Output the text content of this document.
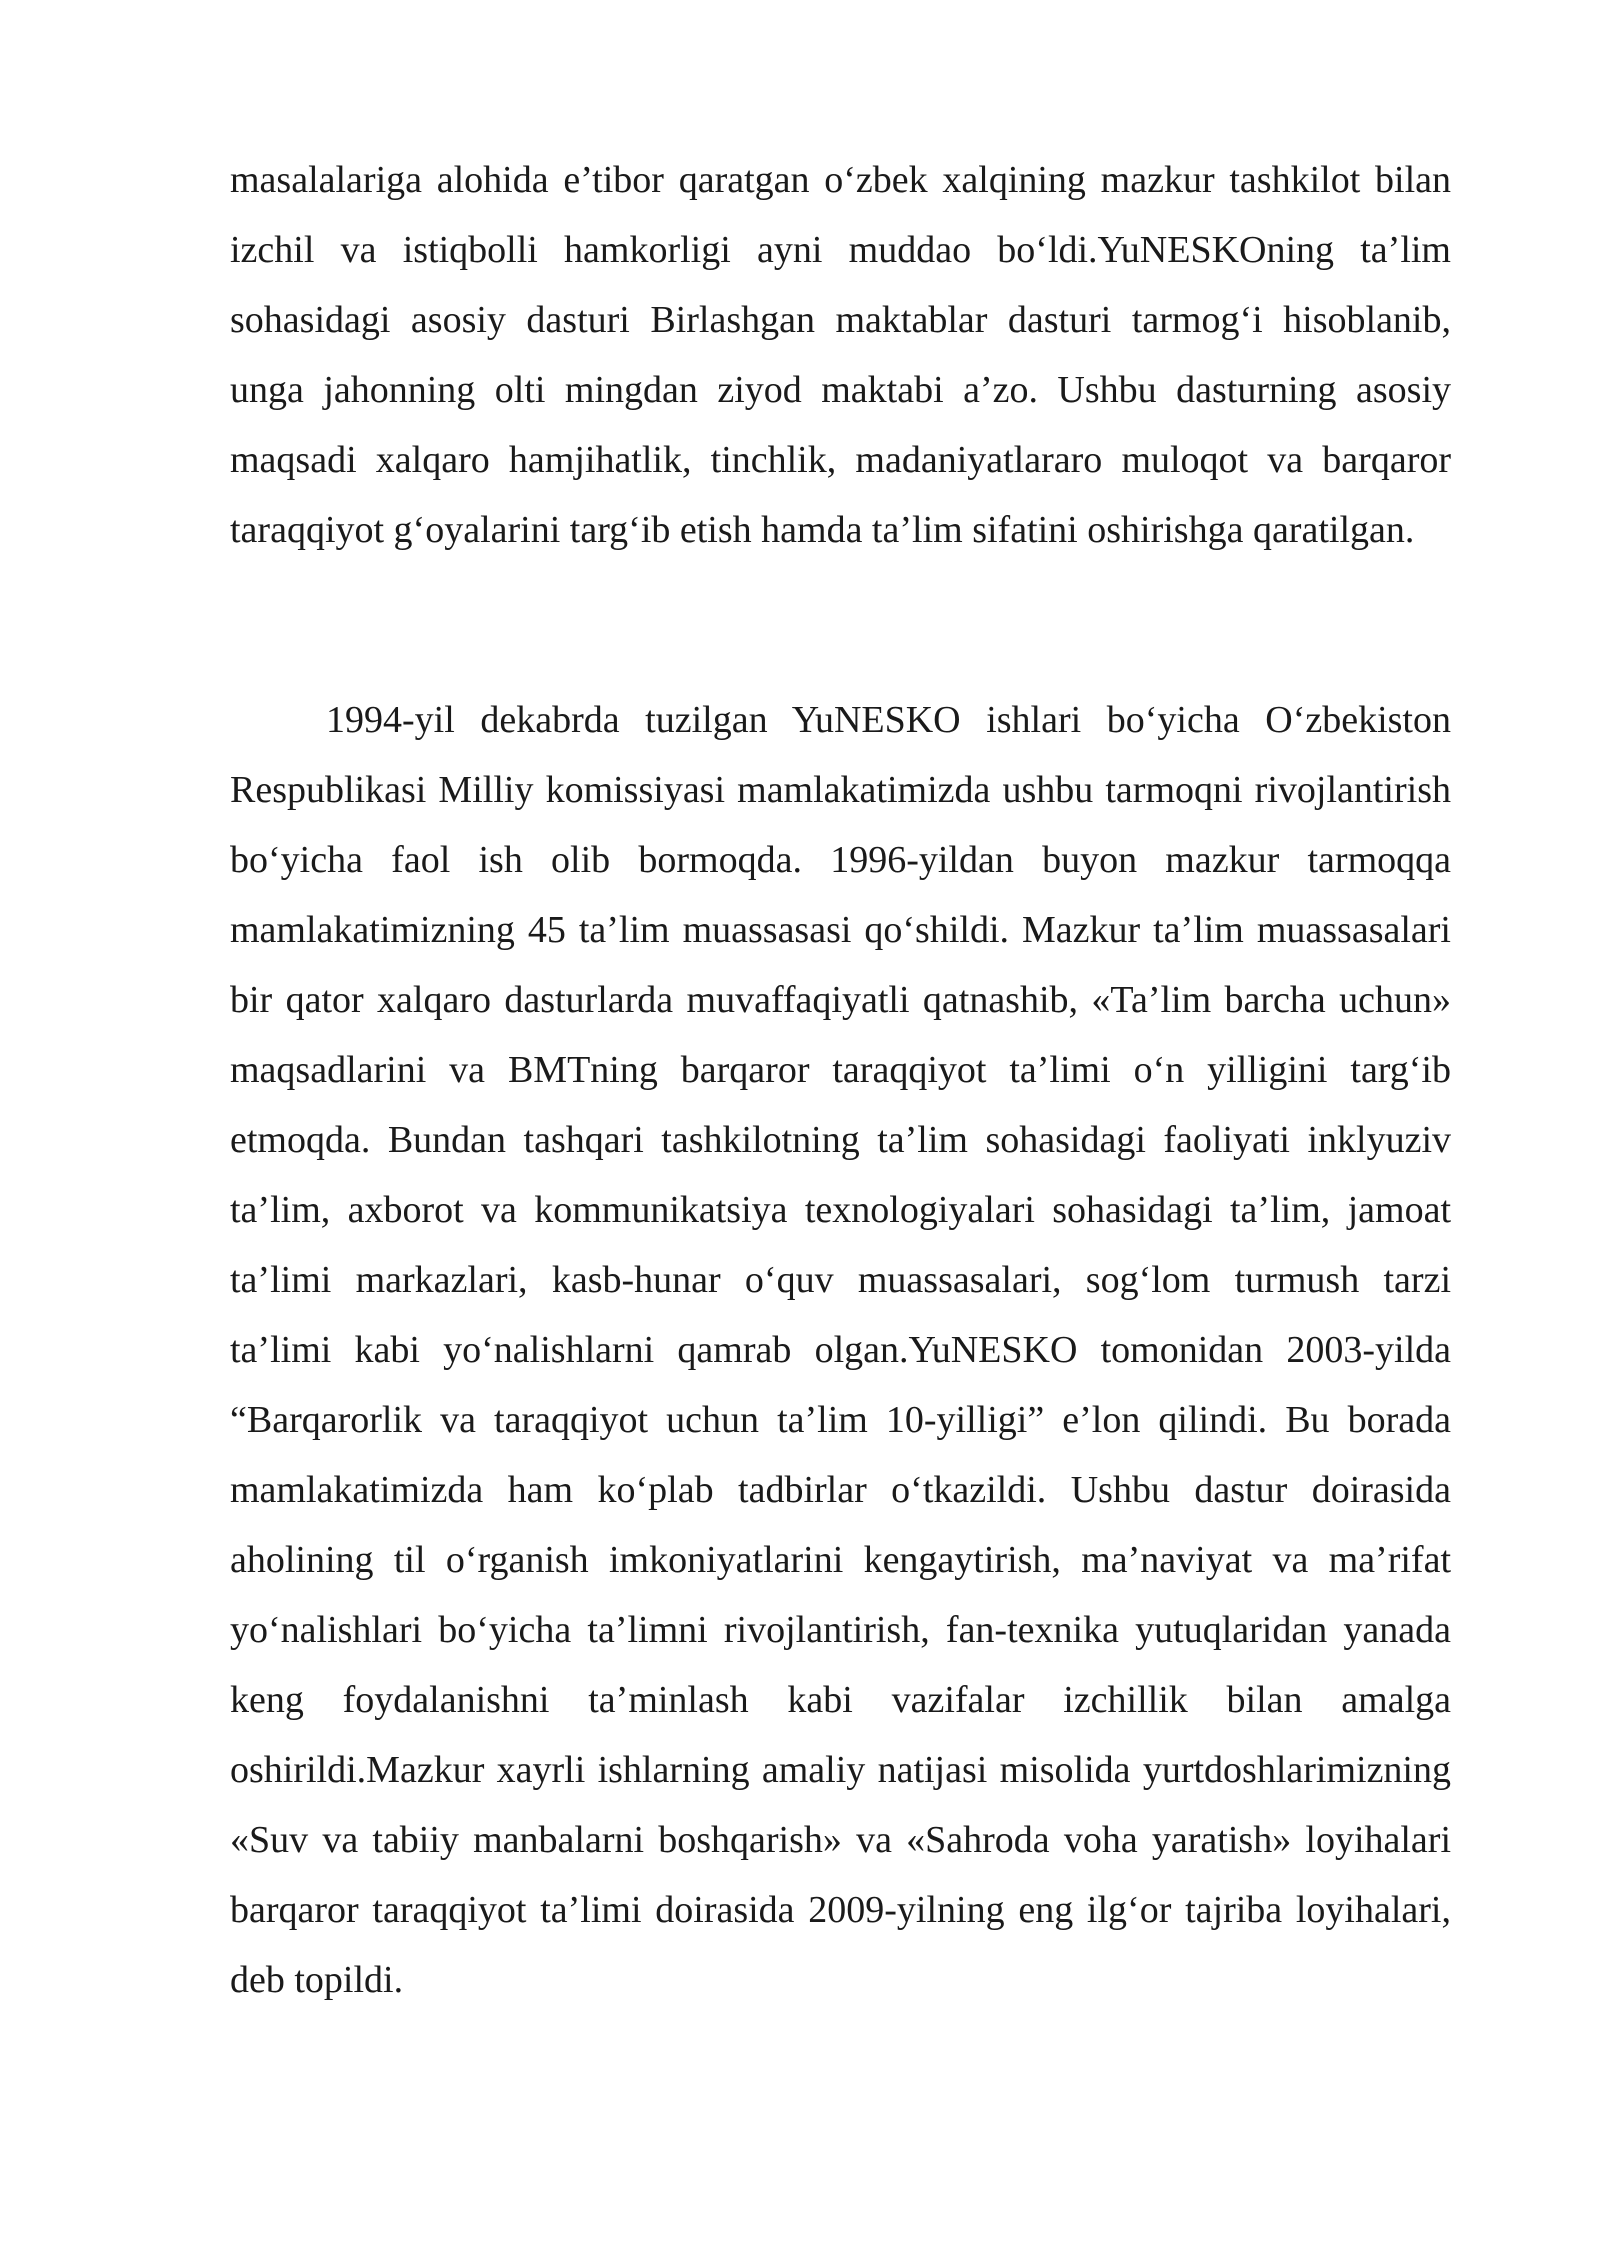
masalalariga alohida e’tibor qaratgan o‘zbek xalqining mazkur tashkilot bilan izchil va istiqbolli hamkorligi ayni muddao bo‘ldi.YuNESKOning ta’lim sohasidagi asosiy dasturi Birlashgan maktablar dasturi tarmog‘i hisoblanib, unga jahonning olti mingdan ziyod maktabi a’zo. Ushbu dasturning asosiy maqsadi xalqaro hamjihatlik, tinchlik, madaniyatlararo muloqot va barqaror taraqqiyot g‘oyalarini targ‘ib etish hamda ta’lim sifatini oshirishga qaratilgan.

1994-yil dekabrda tuzilgan YuNESKO ishlari bo‘yicha O‘zbekiston Respublikasi Milliy komissiyasi mamlakatimizda ushbu tarmoqni rivojlantirish bo‘yicha faol ish olib bormoqda. 1996-yildan buyon mazkur tarmoqqa mamlakatimizning 45 ta’lim muassasasi qo‘shildi. Mazkur ta’lim muassasalari bir qator xalqaro dasturlarda muvaffaqiyatli qatnashib, «Ta’lim barcha uchun» maqsadlarini va BMTning barqaror taraqqiyot ta’limi o‘n yilligini targ‘ib etmoqda. Bundan tashqari tashkilotning ta’lim sohasidagi faoliyati inklyuziv ta’lim, axborot va kommunikatsiya texnologiyalari sohasidagi ta’lim, jamoat ta’limi markazlari, kasb-hunar o‘quv muassasalari, sog‘lom turmush tarzi ta’limi kabi yo‘nalishlarni qamrab olgan.YuNESKO tomonidan 2003-yilda “Barqarorlik va taraqqiyot uchun ta’lim 10-yilligi” e’lon qilindi. Bu borada mamlakatimizda ham ko‘plab tadbirlar o‘tkazildi. Ushbu dastur doirasida aholining til o‘rganish imkoniyatlarini kengaytirish, ma’naviyat va ma’rifat yo‘nalishlari bo‘yicha ta’limni rivojlantirish, fan-texnika yutuqlaridan yanada keng foydalanishni ta’minlash kabi vazifalar izchillik bilan amalga oshirildi.Mazkur xayrli ishlarning amaliy natijasi misolida yurtdoshlarimizning «Suv va tabiiy manbalarni boshqarish» va «Sahroda voha yaratish» loyihalari barqaror taraqqiyot ta’limi doirasida 2009-yilning eng ilg‘or tajriba loyihalari, deb topildi.
